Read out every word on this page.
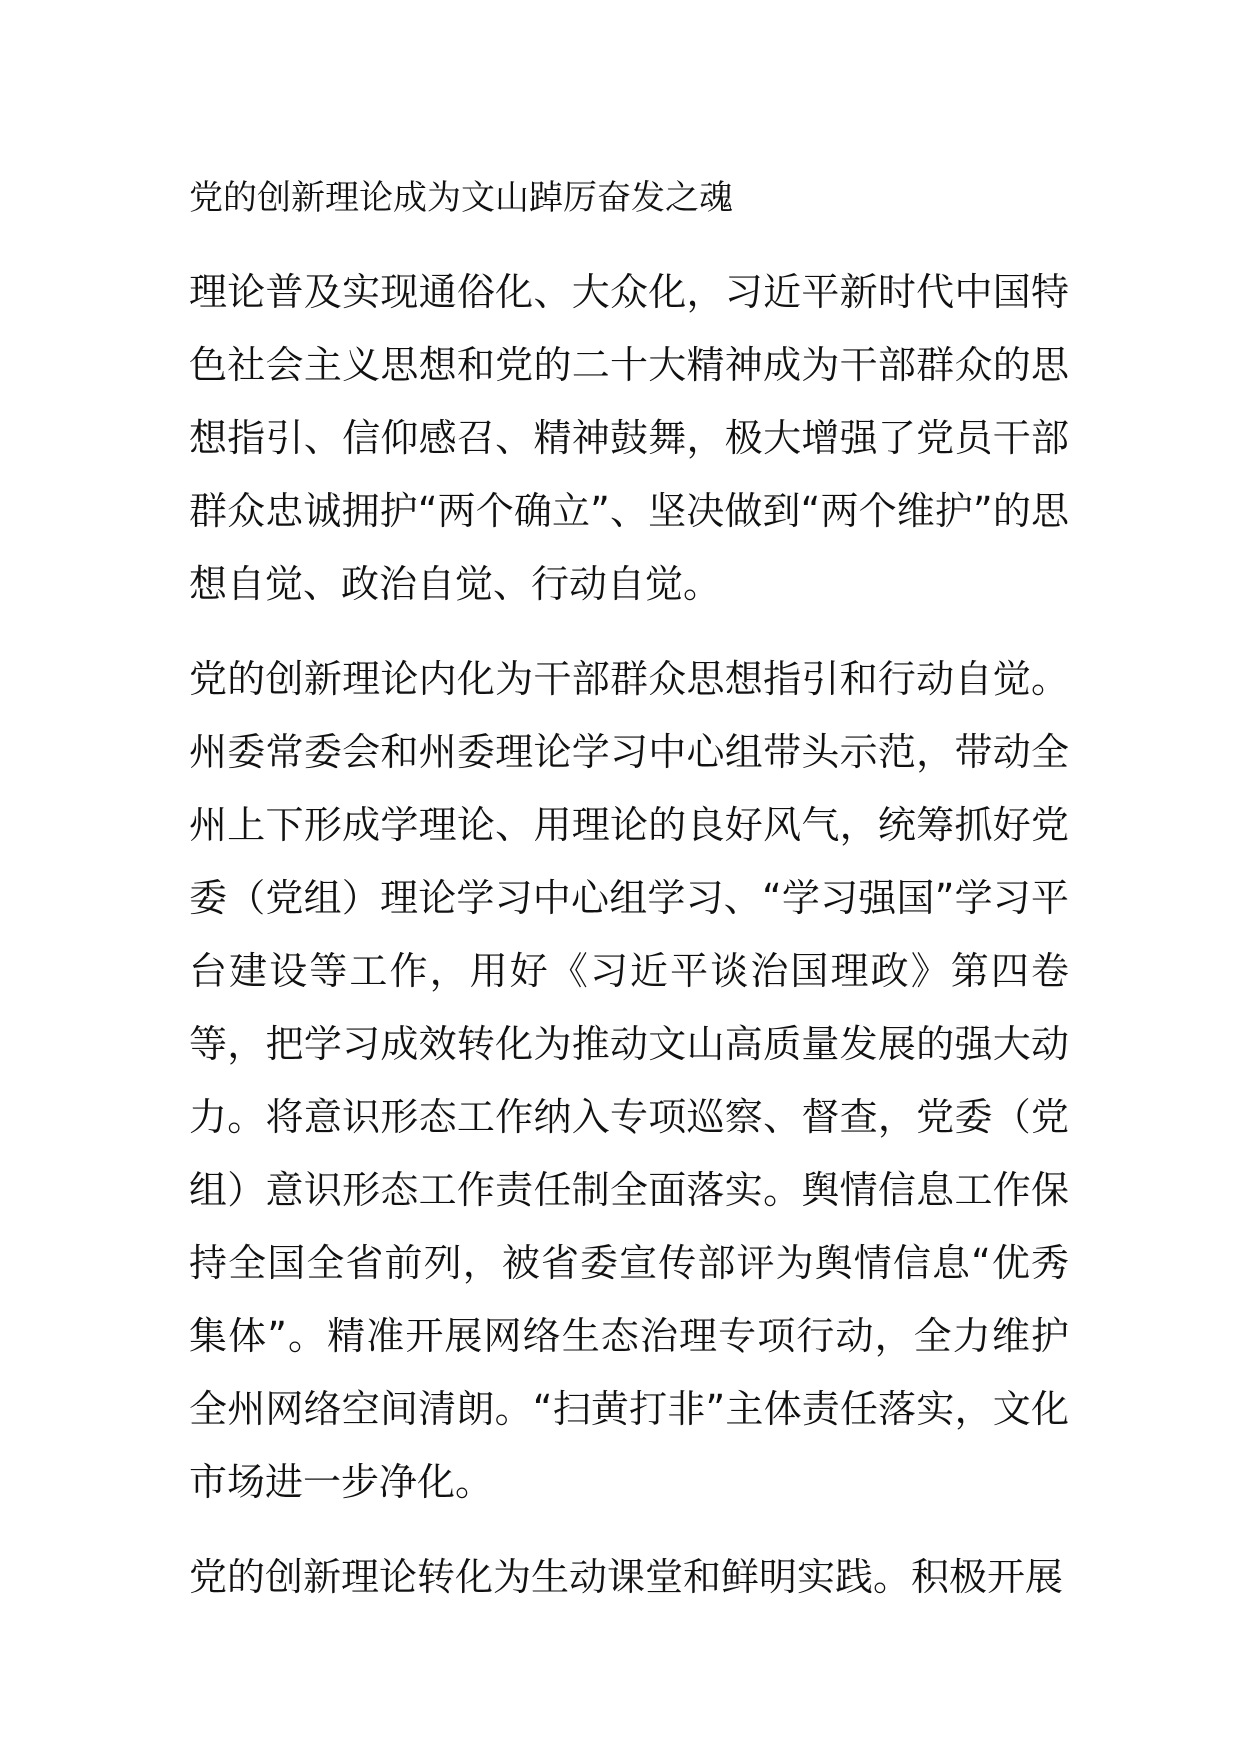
党的创新理论成为文山踔厉奋发之魂

理论普及实现通俗化、大众化，习近平新时代中国特色社会主义思想和党的二十大精神成为干部群众的思想指引、信仰感召、精神鼓舞，极大增强了党员干部群众忠诚拥护“两个确立”、坚决做到“两个维护”的思想自觉、政治自觉、行动自觉。

党的创新理论内化为干部群众思想指引和行动自觉。州委常委会和州委理论学习中心组带头示范，带动全州上下形成学理论、用理论的良好风气，统筹抓好党委（党组）理论学习中心组学习、“学习强国”学习平台建设等工作，用好《习近平谈治国理政》第四卷等，把学习成效转化为推动文山高质量发展的强大动力。将意识形态工作纳入专项巡察、督查，党委（党组）意识形态工作责任制全面落实。舆情信息工作保持全国全省前列，被省委宣传部评为舆情信息“优秀集体”。精准开展网络生态治理专项行动，全力维护全州网络空间清朗。“扫黄打非”主体责任落实，文化市场进一步净化。

党的创新理论转化为生动课堂和鲜明实践。积极开展
